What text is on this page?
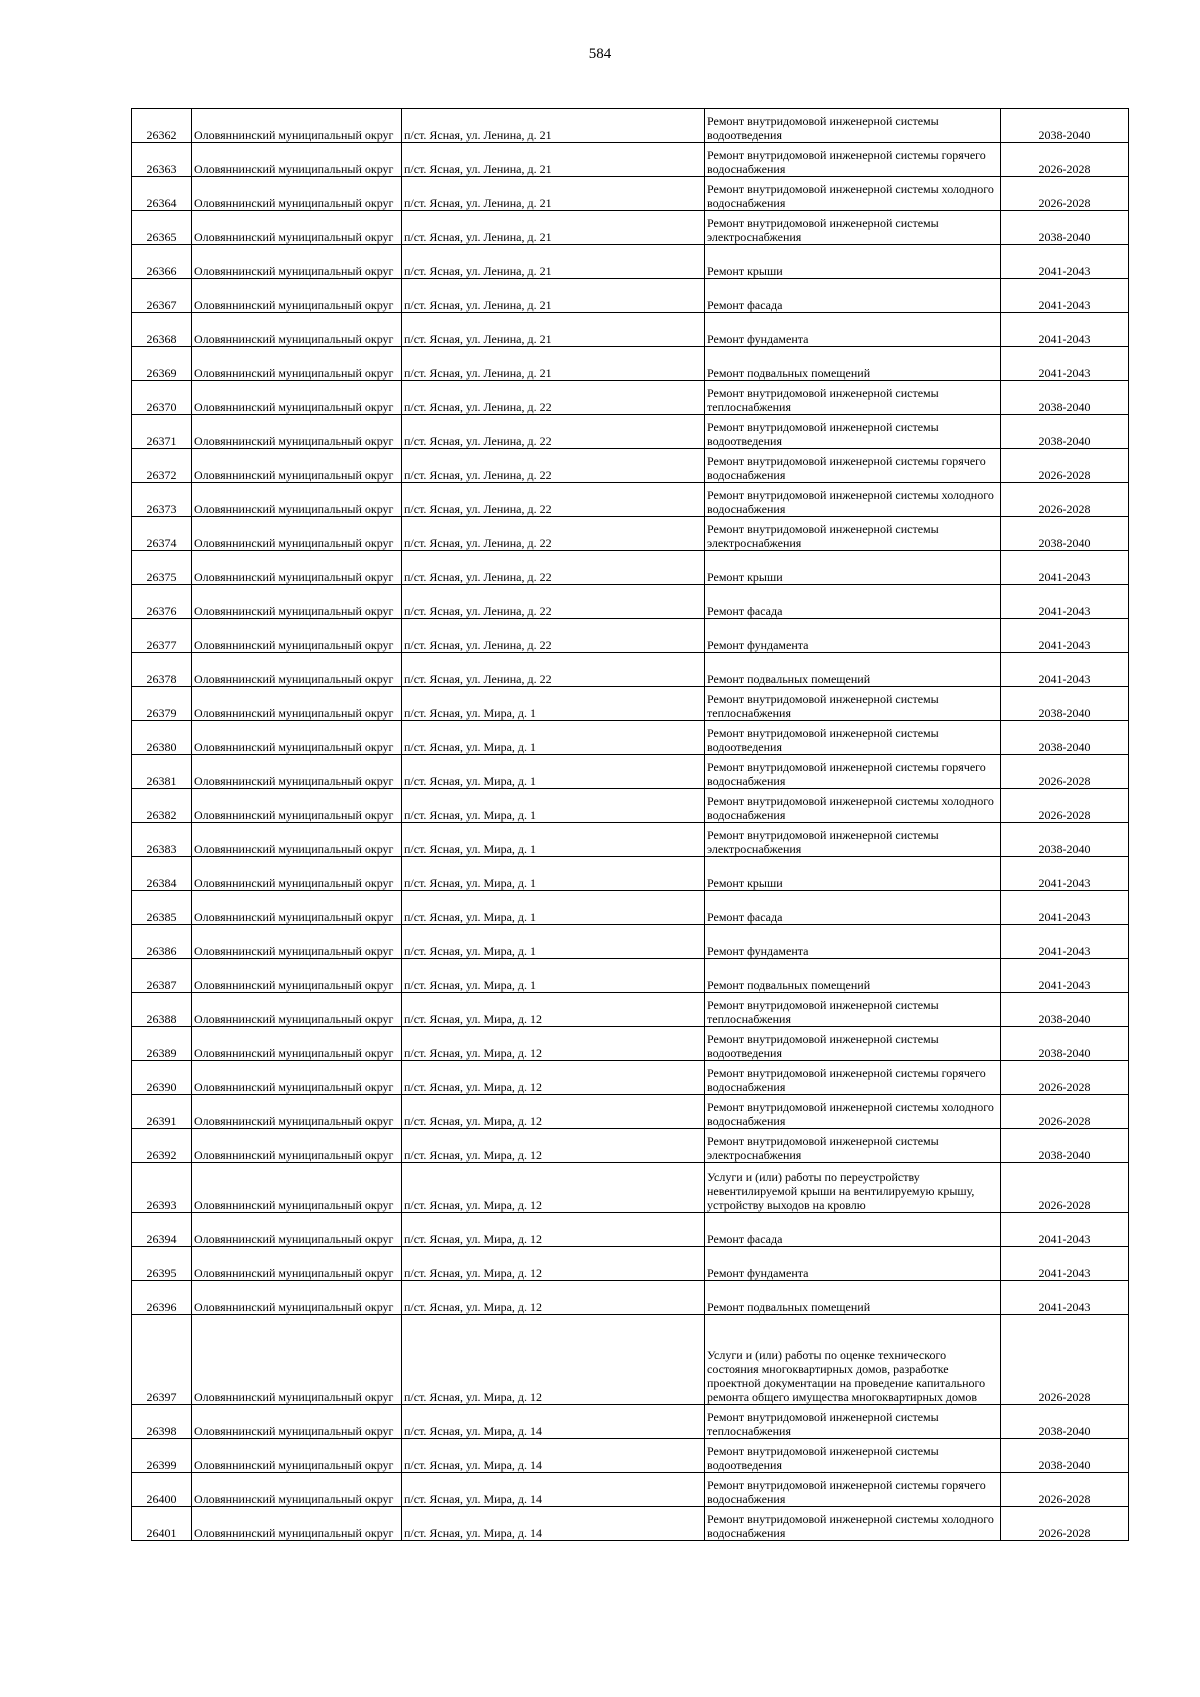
584
26362	Оловяннинский муниципальный округ	п/ст. Ясная, ул. Ленина, д. 21	Ремонт внутридомовой инженерной системы водоотведения	2038-2040
26363	Оловяннинский муниципальный округ	п/ст. Ясная, ул. Ленина, д. 21	Ремонт внутридомовой инженерной системы горячего водоснабжения	2026-2028
26364	Оловяннинский муниципальный округ	п/ст. Ясная, ул. Ленина, д. 21	Ремонт внутридомовой инженерной системы холодного водоснабжения	2026-2028
26365	Оловяннинский муниципальный округ	п/ст. Ясная, ул. Ленина, д. 21	Ремонт внутридомовой инженерной системы электроснабжения	2038-2040
26366	Оловяннинский муниципальный округ	п/ст. Ясная, ул. Ленина, д. 21	Ремонт крыши	2041-2043
26367	Оловяннинский муниципальный округ	п/ст. Ясная, ул. Ленина, д. 21	Ремонт фасада	2041-2043
26368	Оловяннинский муниципальный округ	п/ст. Ясная, ул. Ленина, д. 21	Ремонт фундамента	2041-2043
26369	Оловяннинский муниципальный округ	п/ст. Ясная, ул. Ленина, д. 21	Ремонт подвальных помещений	2041-2043
26370	Оловяннинский муниципальный округ	п/ст. Ясная, ул. Ленина, д. 22	Ремонт внутридомовой инженерной системы теплоснабжения	2038-2040
26371	Оловяннинский муниципальный округ	п/ст. Ясная, ул. Ленина, д. 22	Ремонт внутридомовой инженерной системы водоотведения	2038-2040
26372	Оловяннинский муниципальный округ	п/ст. Ясная, ул. Ленина, д. 22	Ремонт внутридомовой инженерной системы горячего водоснабжения	2026-2028
26373	Оловяннинский муниципальный округ	п/ст. Ясная, ул. Ленина, д. 22	Ремонт внутридомовой инженерной системы холодного водоснабжения	2026-2028
26374	Оловяннинский муниципальный округ	п/ст. Ясная, ул. Ленина, д. 22	Ремонт внутридомовой инженерной системы электроснабжения	2038-2040
26375	Оловяннинский муниципальный округ	п/ст. Ясная, ул. Ленина, д. 22	Ремонт крыши	2041-2043
26376	Оловяннинский муниципальный округ	п/ст. Ясная, ул. Ленина, д. 22	Ремонт фасада	2041-2043
26377	Оловяннинский муниципальный округ	п/ст. Ясная, ул. Ленина, д. 22	Ремонт фундамента	2041-2043
26378	Оловяннинский муниципальный округ	п/ст. Ясная, ул. Ленина, д. 22	Ремонт подвальных помещений	2041-2043
26379	Оловяннинский муниципальный округ	п/ст. Ясная, ул. Мира, д. 1	Ремонт внутридомовой инженерной системы теплоснабжения	2038-2040
26380	Оловяннинский муниципальный округ	п/ст. Ясная, ул. Мира, д. 1	Ремонт внутридомовой инженерной системы водоотведения	2038-2040
26381	Оловяннинский муниципальный округ	п/ст. Ясная, ул. Мира, д. 1	Ремонт внутридомовой инженерной системы горячего водоснабжения	2026-2028
26382	Оловяннинский муниципальный округ	п/ст. Ясная, ул. Мира, д. 1	Ремонт внутридомовой инженерной системы холодного водоснабжения	2026-2028
26383	Оловяннинский муниципальный округ	п/ст. Ясная, ул. Мира, д. 1	Ремонт внутридомовой инженерной системы электроснабжения	2038-2040
26384	Оловяннинский муниципальный округ	п/ст. Ясная, ул. Мира, д. 1	Ремонт крыши	2041-2043
26385	Оловяннинский муниципальный округ	п/ст. Ясная, ул. Мира, д. 1	Ремонт фасада	2041-2043
26386	Оловяннинский муниципальный округ	п/ст. Ясная, ул. Мира, д. 1	Ремонт фундамента	2041-2043
26387	Оловяннинский муниципальный округ	п/ст. Ясная, ул. Мира, д. 1	Ремонт подвальных помещений	2041-2043
26388	Оловяннинский муниципальный округ	п/ст. Ясная, ул. Мира, д. 12	Ремонт внутридомовой инженерной системы теплоснабжения	2038-2040
26389	Оловяннинский муниципальный округ	п/ст. Ясная, ул. Мира, д. 12	Ремонт внутридомовой инженерной системы водоотведения	2038-2040
26390	Оловяннинский муниципальный округ	п/ст. Ясная, ул. Мира, д. 12	Ремонт внутридомовой инженерной системы горячего водоснабжения	2026-2028
26391	Оловяннинский муниципальный округ	п/ст. Ясная, ул. Мира, д. 12	Ремонт внутридомовой инженерной системы холодного водоснабжения	2026-2028
26392	Оловяннинский муниципальный округ	п/ст. Ясная, ул. Мира, д. 12	Ремонт внутридомовой инженерной системы электроснабжения	2038-2040
26393	Оловяннинский муниципальный округ	п/ст. Ясная, ул. Мира, д. 12	Услуги и (или) работы по переустройству невентилируемой крыши на вентилируемую крышу, устройству выходов на кровлю	2026-2028
26394	Оловяннинский муниципальный округ	п/ст. Ясная, ул. Мира, д. 12	Ремонт фасада	2041-2043
26395	Оловяннинский муниципальный округ	п/ст. Ясная, ул. Мира, д. 12	Ремонт фундамента	2041-2043
26396	Оловяннинский муниципальный округ	п/ст. Ясная, ул. Мира, д. 12	Ремонт подвальных помещений	2041-2043
26397	Оловяннинский муниципальный округ	п/ст. Ясная, ул. Мира, д. 12	Услуги и (или) работы по оценке технического состояния многоквартирных домов, разработке проектной документации на проведение капитального ремонта общего имущества многоквартирных домов	2026-2028
26398	Оловяннинский муниципальный округ	п/ст. Ясная, ул. Мира, д. 14	Ремонт внутридомовой инженерной системы теплоснабжения	2038-2040
26399	Оловяннинский муниципальный округ	п/ст. Ясная, ул. Мира, д. 14	Ремонт внутридомовой инженерной системы водоотведения	2038-2040
26400	Оловяннинский муниципальный округ	п/ст. Ясная, ул. Мира, д. 14	Ремонт внутридомовой инженерной системы горячего водоснабжения	2026-2028
26401	Оловяннинский муниципальный округ	п/ст. Ясная, ул. Мира, д. 14	Ремонт внутридомовой инженерной системы холодного водоснабжения	2026-2028
